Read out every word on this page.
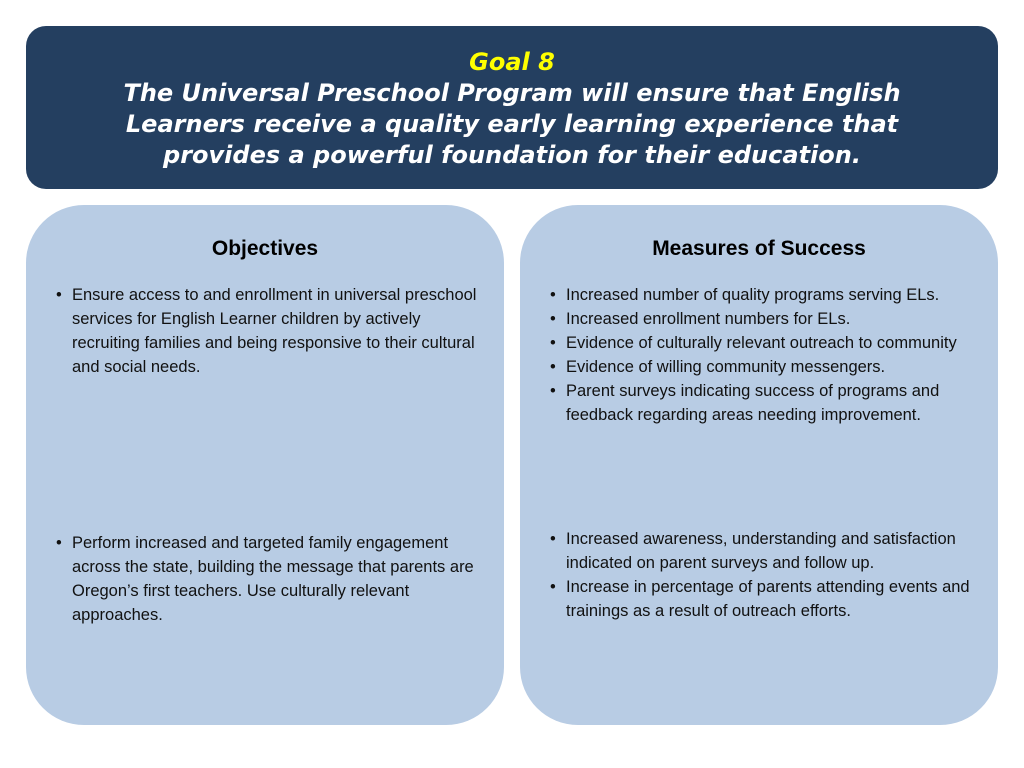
Goal 8
The Universal Preschool Program will ensure that English Learners receive a quality early learning experience that provides a powerful foundation for their education.
Objectives
• Ensure access to and enrollment in universal preschool services for English Learner children by actively recruiting families and being responsive to their cultural and social needs.
• Perform increased and targeted family engagement across the state, building the message that parents are Oregon’s first teachers. Use culturally relevant approaches.
Measures of Success
• Increased number of quality programs serving ELs.
• Increased enrollment numbers for ELs.
• Evidence of culturally relevant outreach to community
• Evidence of willing community messengers.
• Parent surveys indicating success of programs and feedback regarding areas needing improvement.
• Increased awareness, understanding and satisfaction indicated on parent surveys and follow up.
• Increase in percentage of parents attending events and trainings as a result of outreach efforts.
